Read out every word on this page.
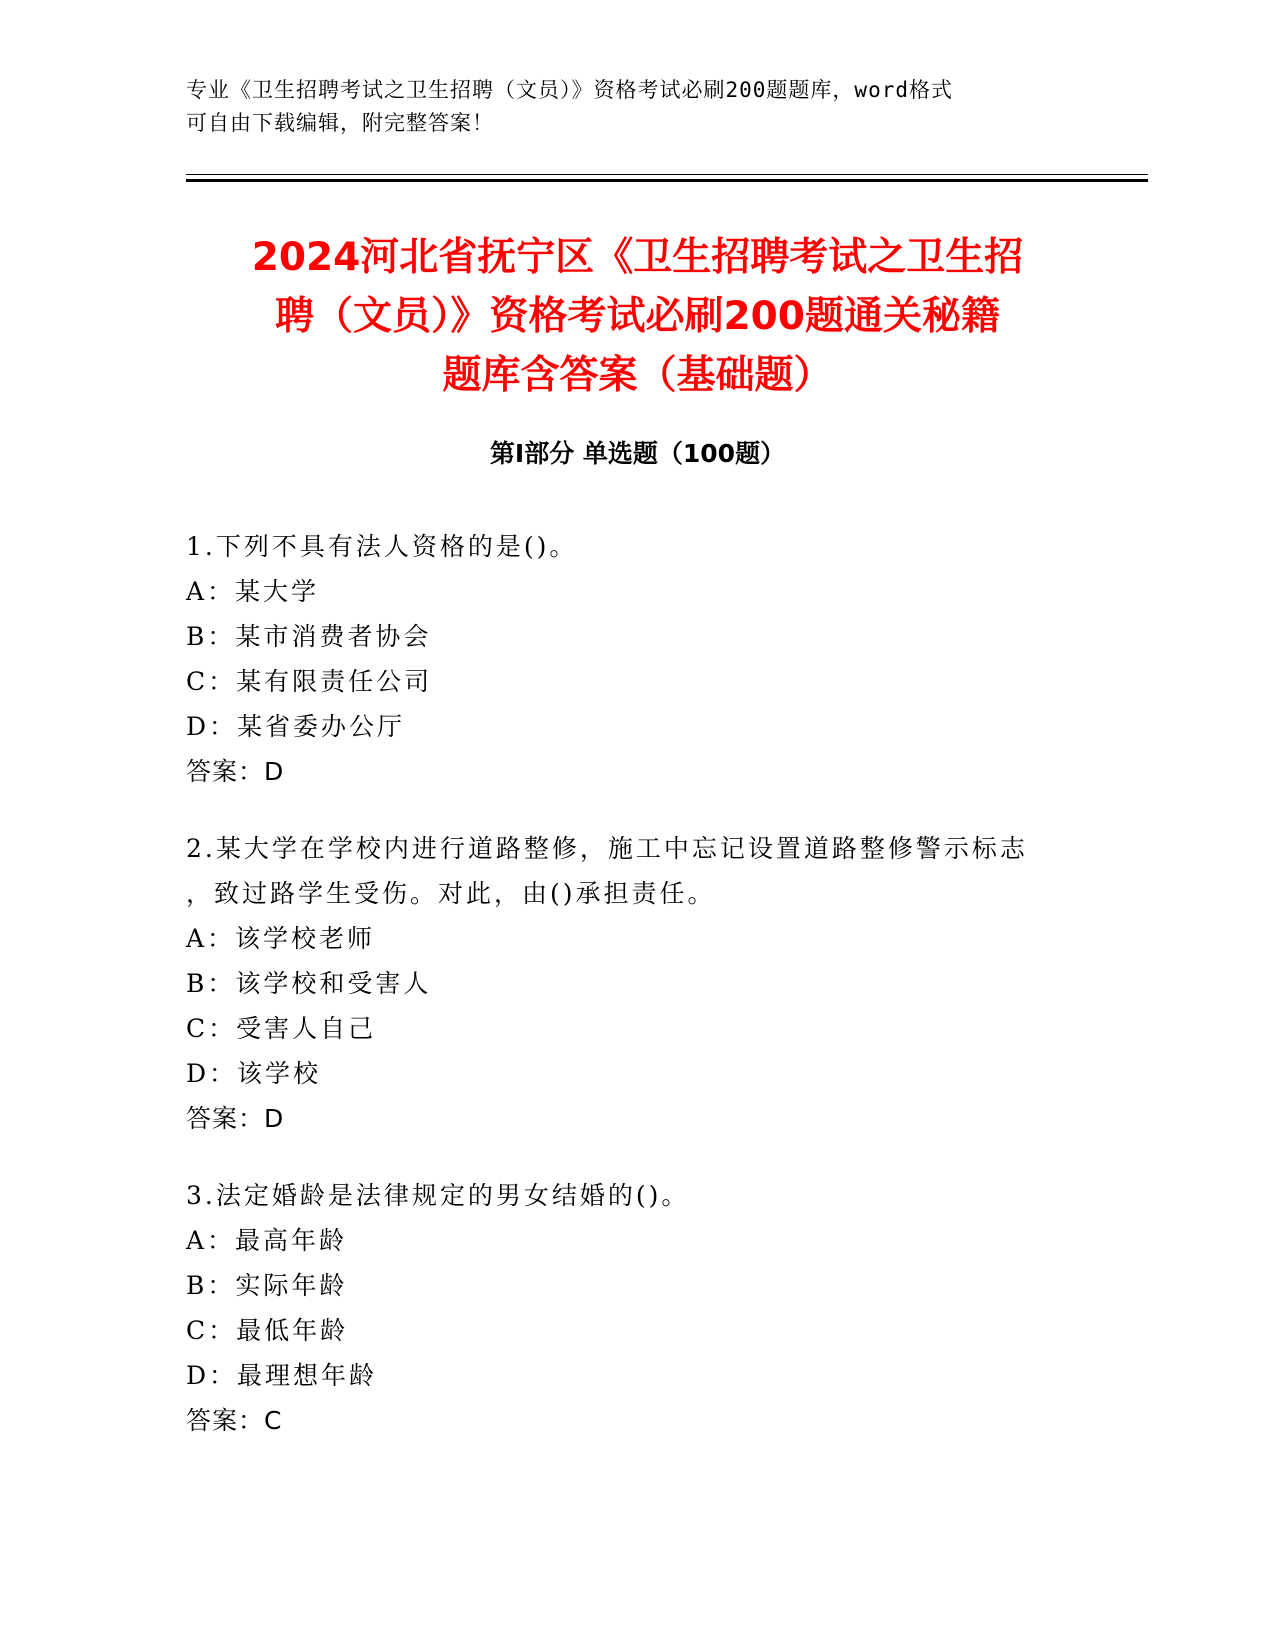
专业《卫生招聘考试之卫生招聘（文员）》资格考试必刷200题题库，word格式
可自由下载编辑，附完整答案！
2024河北省抚宁区《卫生招聘考试之卫生招
聘（文员）》资格考试必刷200题通关秘籍
题库含答案（基础题）
第Ⅰ部分 单选题（100题）
1.下列不具有法人资格的是()。
A：某大学
B：某市消费者协会
C：某有限责任公司
D：某省委办公厅
答案：D
2.某大学在学校内进行道路整修，施工中忘记设置道路整修警示标志
，致过路学生受伤。对此，由()承担责任。
A：该学校老师
B：该学校和受害人
C：受害人自己
D：该学校
答案：D
3.法定婚龄是法律规定的男女结婚的()。
A：最高年龄
B：实际年龄
C：最低年龄
D：最理想年龄
答案：C
